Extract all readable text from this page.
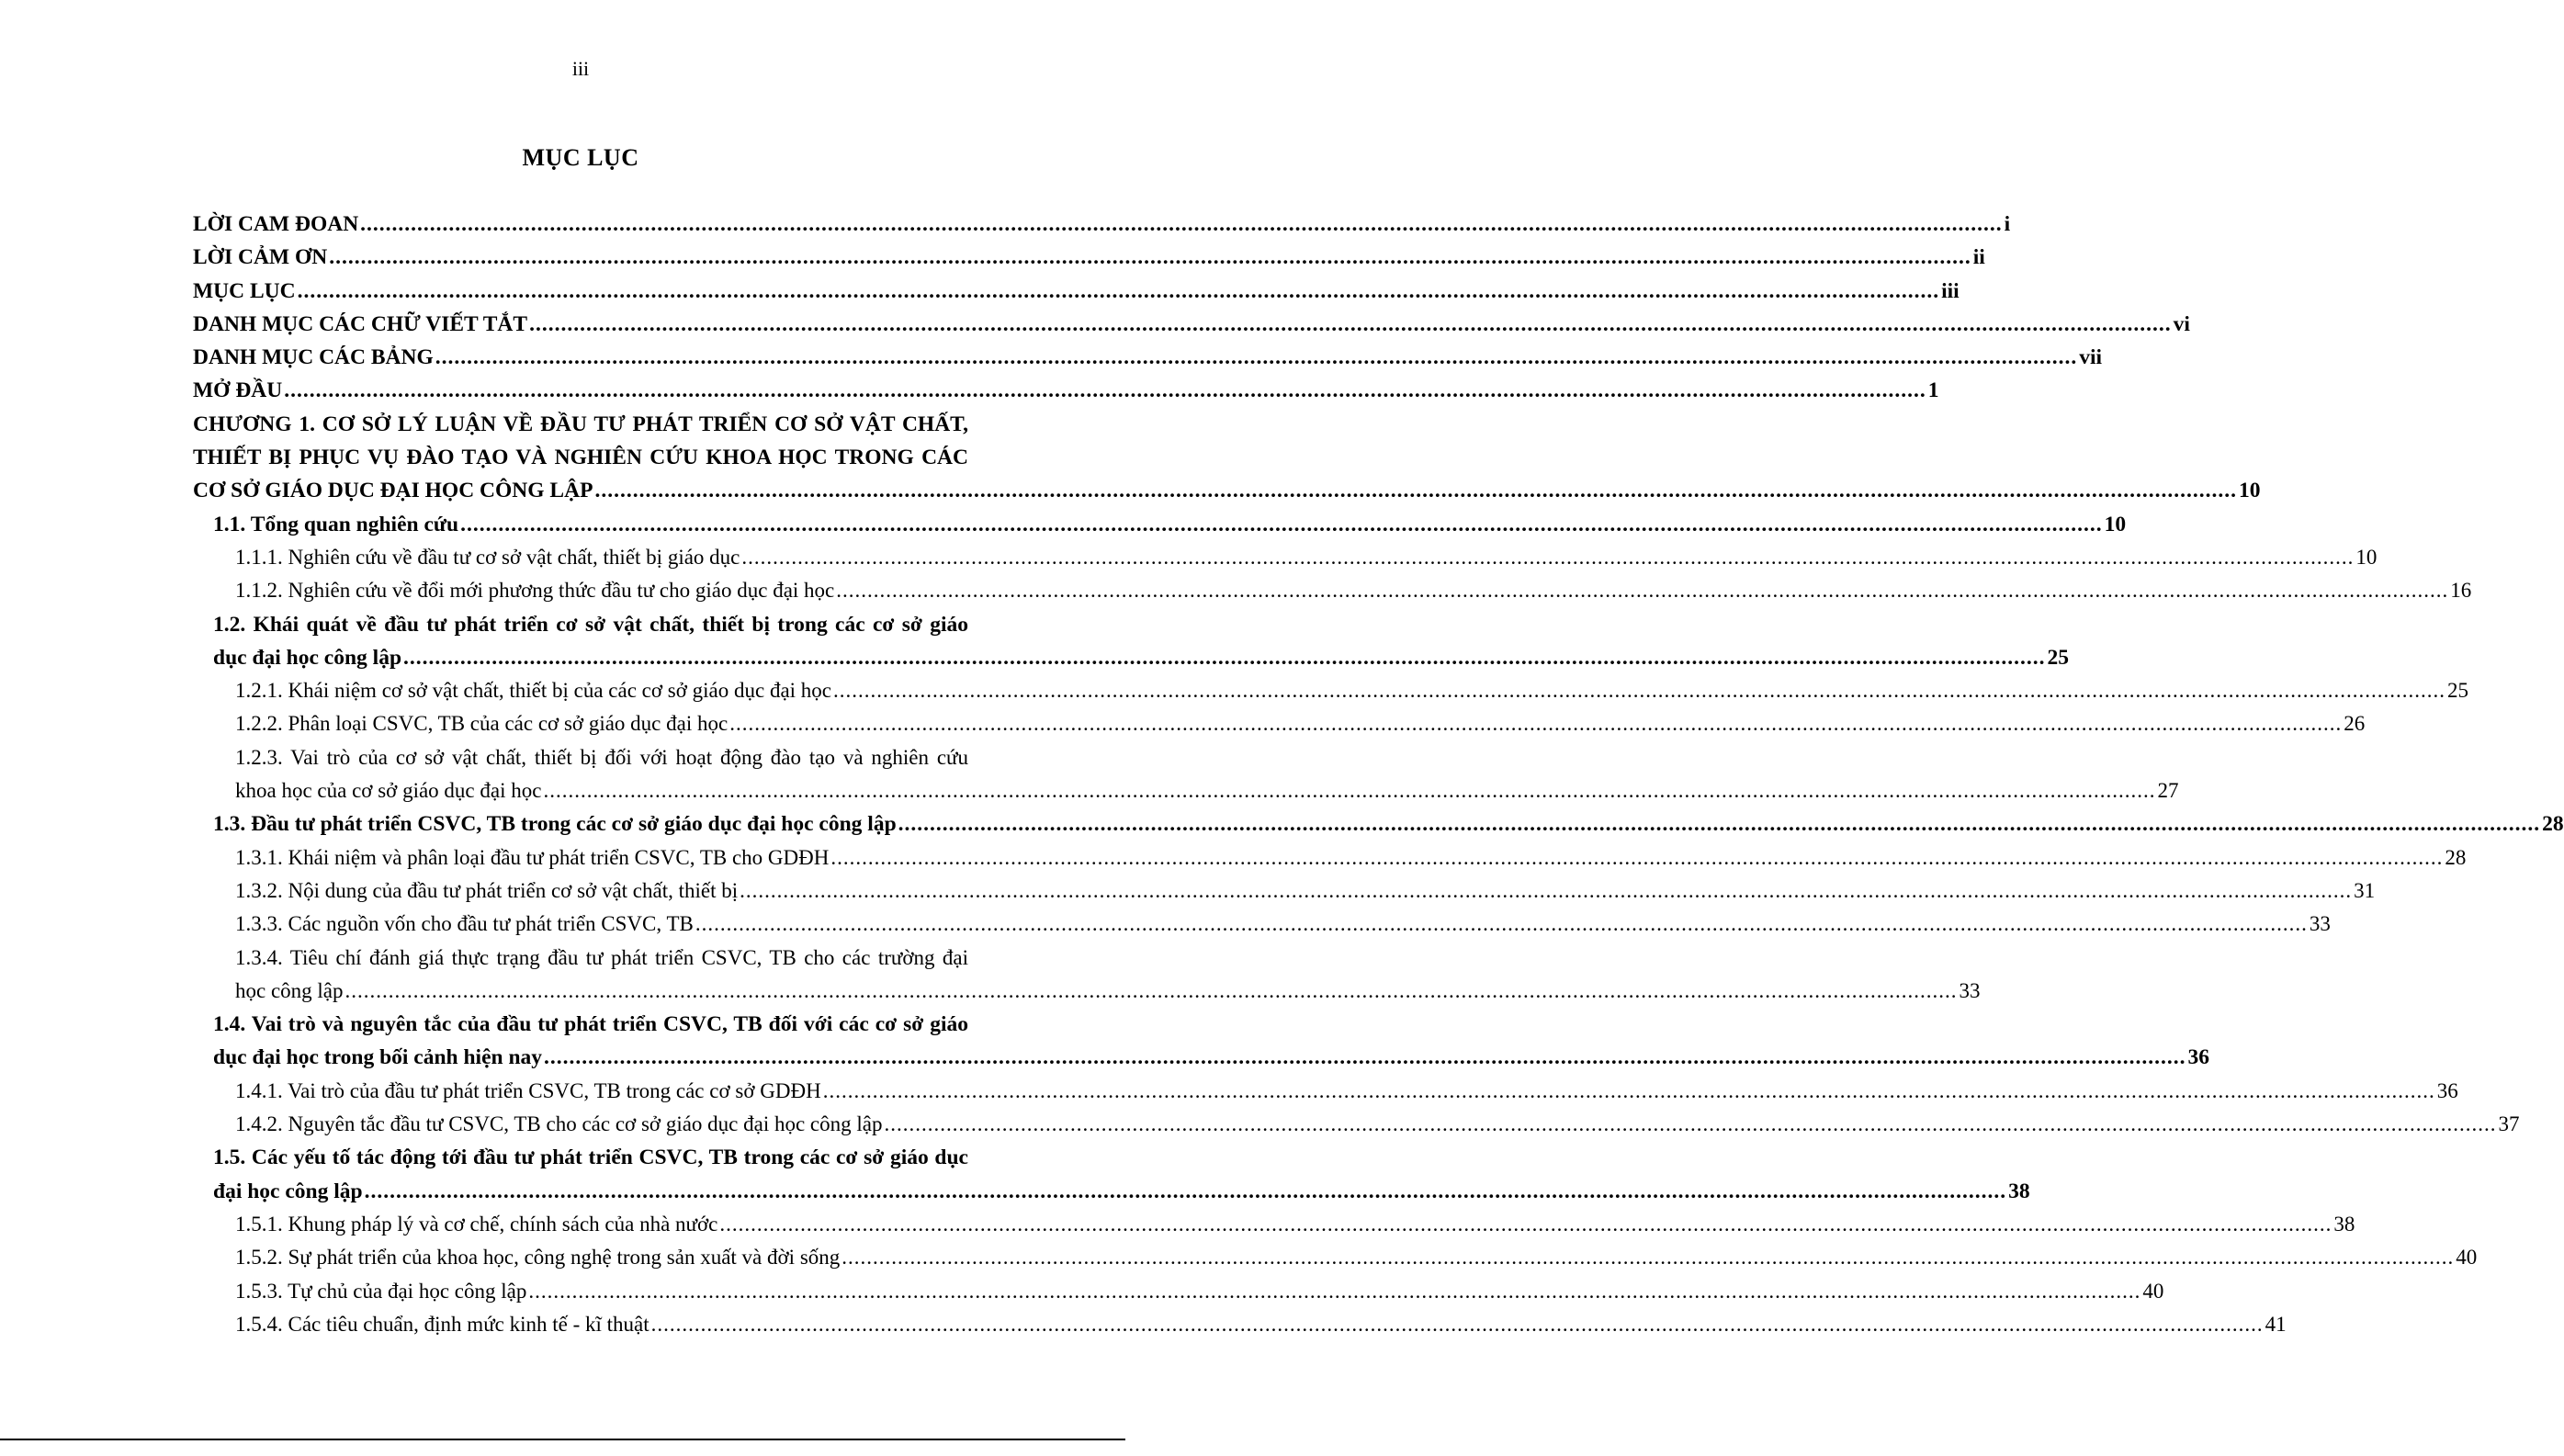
iii
MỤC LỤC
LỜI CAM ĐOAN .....	i
LỜI CẢM ƠN .....	ii
MỤC LỤC .....	iii
DANH MỤC CÁC CHỮ VIẾT TẮT .....	vi
DANH MỤC CÁC BẢNG .....	vii
MỞ ĐẦU .....	1
CHƯƠNG 1. CƠ SỞ LÝ LUẬN VỀ ĐẦU TƯ PHÁT TRIỂN CƠ SỞ VẬT CHẤT,
THIẾT BỊ PHỤC VỤ ĐÀO TẠO VÀ NGHIÊN CỨU KHOA HỌC TRONG CÁC
CƠ SỞ GIÁO DỤC ĐẠI HỌC CÔNG LẬP .....	10
1.1. Tổng quan nghiên cứu .....	10
1.1.1. Nghiên cứu về đầu tư cơ sở vật chất, thiết bị giáo dục .....	10
1.1.2. Nghiên cứu về đổi mới phương thức đầu tư cho giáo dục đại học .....	16
1.2. Khái quát về đầu tư phát triển cơ sở vật chất, thiết bị trong các cơ sở giáo
dục đại học công lập .....	25
1.2.1. Khái niệm cơ sở vật chất, thiết bị của các cơ sở giáo dục đại học .....	25
1.2.2. Phân loại CSVC, TB của các cơ sở giáo dục đại học .....	26
1.2.3. Vai trò của cơ sở vật chất, thiết bị đối với hoạt động đào tạo và nghiên cứu
khoa học của cơ sở giáo dục đại học .....	27
1.3. Đầu tư phát triển CSVC, TB trong các cơ sở giáo dục đại học công lập .....	28
1.3.1. Khái niệm và phân loại đầu tư phát triển CSVC, TB cho GDĐH .....	28
1.3.2. Nội dung của đầu tư phát triển cơ sở vật chất, thiết bị .....	31
1.3.3. Các nguồn vốn cho đầu tư phát triển CSVC, TB .....	33
1.3.4. Tiêu chí đánh giá thực trạng đầu tư phát triển CSVC, TB cho các trường đại
học công lập .....	33
1.4. Vai trò và nguyên tắc của đầu tư phát triển CSVC, TB đối với các cơ sở giáo
dục đại học trong bối cảnh hiện nay .....	36
1.4.1. Vai trò của đầu tư phát triển CSVC, TB trong các cơ sở GDĐH .....	36
1.4.2. Nguyên tắc đầu tư CSVC, TB cho các cơ sở giáo dục đại học công lập .....	37
1.5. Các yếu tố tác động tới đầu tư phát triển CSVC, TB trong các cơ sở giáo dục
đại học công lập .....	38
1.5.1. Khung pháp lý và cơ chế, chính sách của nhà nước .....	38
1.5.2. Sự phát triển của khoa học, công nghệ trong sản xuất và đời sống .....	40
1.5.3. Tự chủ của đại học công lập .....	40
1.5.4. Các tiêu chuẩn, định mức kinh tế - kĩ thuật .....	41
